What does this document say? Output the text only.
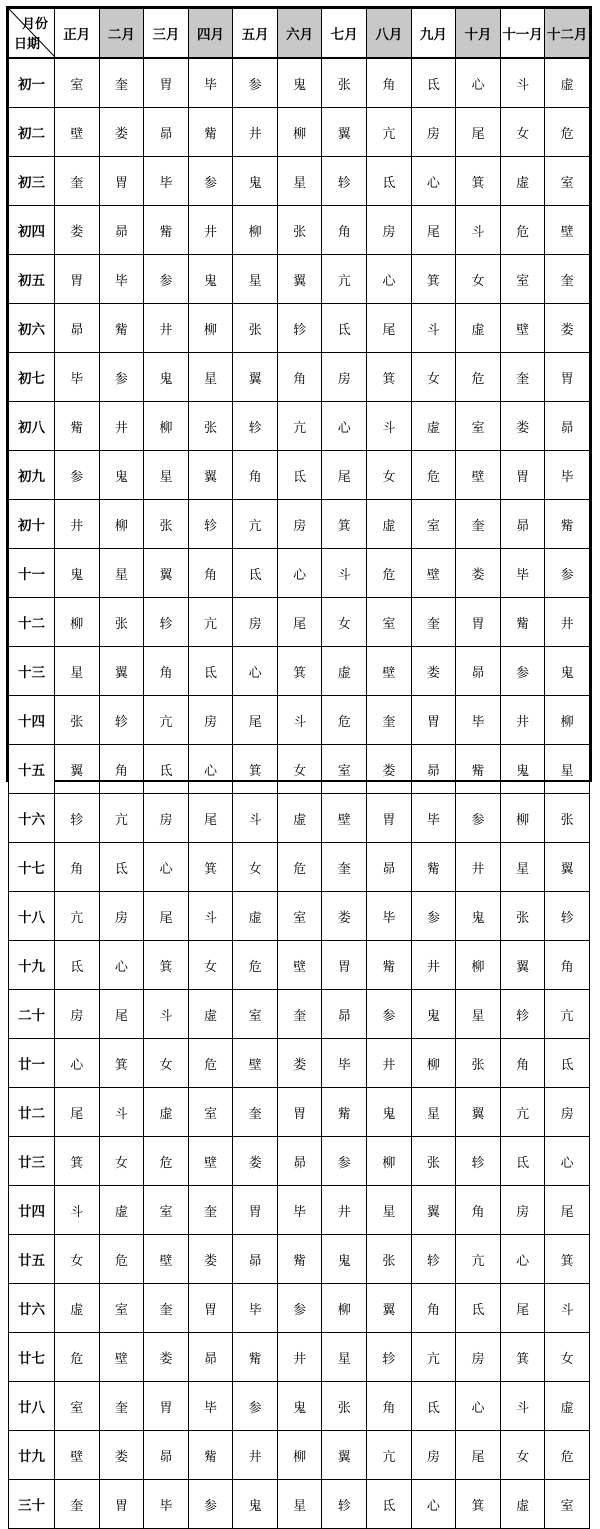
月份
日期	正月	二月	三月	四月	五月	六月	七月	八月	九月	十月	十一月	十二月
初一	室	奎	胃	毕	参	鬼	张	角	氐	心	斗	虚
初二	壁	娄	昴	觜	井	柳	翼	亢	房	尾	女	危
初三	奎	胃	毕	参	鬼	星	轸	氐	心	箕	虚	室
初四	娄	昴	觜	井	柳	张	角	房	尾	斗	危	壁
初五	胃	毕	参	鬼	星	翼	亢	心	箕	女	室	奎
初六	昴	觜	井	柳	张	轸	氐	尾	斗	虚	壁	娄
初七	毕	参	鬼	星	翼	角	房	箕	女	危	奎	胃
初八	觜	井	柳	张	轸	亢	心	斗	虚	室	娄	昴
初九	参	鬼	星	翼	角	氐	尾	女	危	壁	胃	毕
初十	井	柳	张	轸	亢	房	箕	虚	室	奎	昴	觜
十一	鬼	星	翼	角	氐	心	斗	危	壁	娄	毕	参
十二	柳	张	轸	亢	房	尾	女	室	奎	胃	觜	井
十三	星	翼	角	氐	心	箕	虚	壁	娄	昴	参	鬼
十四	张	轸	亢	房	尾	斗	危	奎	胃	毕	井	柳
十五	翼	角	氐	心	箕	女	室	娄	昴	觜	鬼	星
十六	轸	亢	房	尾	斗	虚	壁	胃	毕	参	柳	张
十七	角	氐	心	箕	女	危	奎	昴	觜	井	星	翼
十八	亢	房	尾	斗	虚	室	娄	毕	参	鬼	张	轸
十九	氐	心	箕	女	危	壁	胃	觜	井	柳	翼	角
二十	房	尾	斗	虚	室	奎	昴	参	鬼	星	轸	亢
廿一	心	箕	女	危	壁	娄	毕	井	柳	张	角	氐
廿二	尾	斗	虚	室	奎	胃	觜	鬼	星	翼	亢	房
廿三	箕	女	危	壁	娄	昴	参	柳	张	轸	氐	心
廿四	斗	虚	室	奎	胃	毕	井	星	翼	角	房	尾
廿五	女	危	壁	娄	昴	觜	鬼	张	轸	亢	心	箕
廿六	虚	室	奎	胃	毕	参	柳	翼	角	氐	尾	斗
廿七	危	壁	娄	昴	觜	井	星	轸	亢	房	箕	女
廿八	室	奎	胃	毕	参	鬼	张	角	氐	心	斗	虚
廿九	壁	娄	昴	觜	井	柳	翼	亢	房	尾	女	危
三十	奎	胃	毕	参	鬼	星	轸	氐	心	箕	虚	室
